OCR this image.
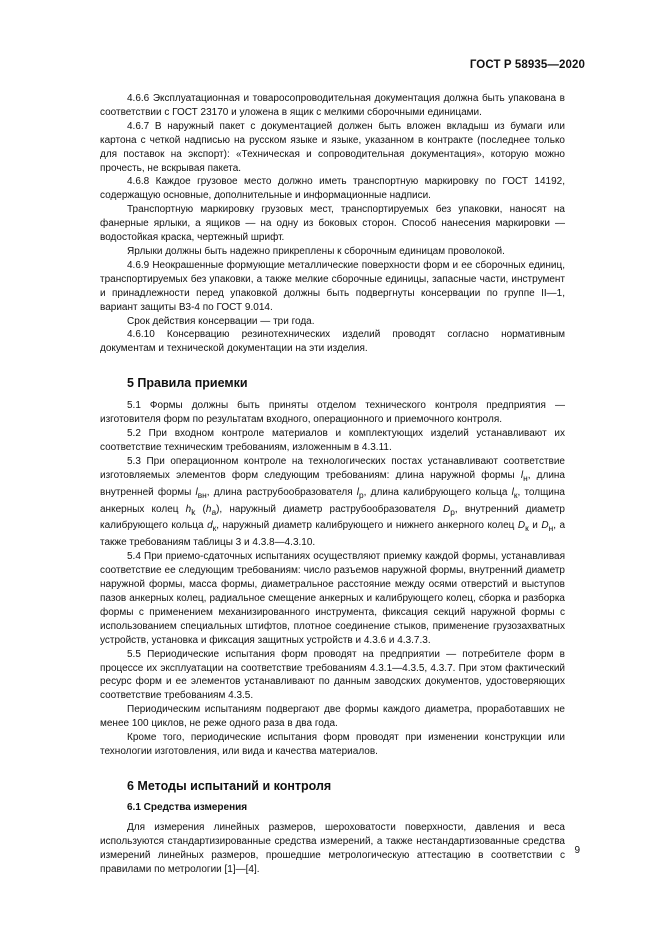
ГОСТ Р 58935—2020

4.6.6 Эксплуатационная и товаросопроводительная документация должна быть упакована в соответствии с ГОСТ 23170 и уложена в ящик с мелкими сборочными единицами.

4.6.7 В наружный пакет с документацией должен быть вложен вкладыш из бумаги или картона с четкой надписью на русском языке и языке, указанном в контракте (последнее только для поставок на экспорт): «Техническая и сопроводительная документация», которую можно прочесть, не вскрывая пакета.

4.6.8 Каждое грузовое место должно иметь транспортную маркировку по ГОСТ 14192, содержащую основные, дополнительные и информационные надписи.

Транспортную маркировку грузовых мест, транспортируемых без упаковки, наносят на фанерные ярлыки, а ящиков — на одну из боковых сторон. Способ нанесения маркировки — водостойкая краска, чертежный шрифт.

Ярлыки должны быть надежно прикреплены к сборочным единицам проволокой.

4.6.9 Неокрашенные формующие металлические поверхности форм и ее сборочных единиц, транспортируемых без упаковки, а также мелкие сборочные единицы, запасные части, инструмент и принадлежности перед упаковкой должны быть подвергнуты консервации по группе II—1, вариант защиты В3-4 по ГОСТ 9.014.

Срок действия консервации — три года.

4.6.10 Консервацию резинотехнических изделий проводят согласно нормативным документам и технической документации на эти изделия.

5 Правила приемки

5.1 Формы должны быть приняты отделом технического контроля предприятия — изготовителя форм по результатам входного, операционного и приемочного контроля.

5.2 При входном контроле материалов и комплектующих изделий устанавливают их соответствие техническим требованиям, изложенным в 4.3.11.

5.3 При операционном контроле на технологических постах устанавливают соответствие изготовляемых элементов форм следующим требованиям: длина наружной формы $l_н$, длина внутренней формы $l_{вн}$, длина раструбообразователя $l_p$, длина калибрующего кольца $l_к$, толщина анкерных колец $h_k$ $(h_a)$, наружный диаметр раструбообразователя $D_p$, внутренний диаметр калибрующего кольца $d_к$, наружный диаметр калибрующего и нижнего анкерного колец $D_к$ и $D_н$, а также требованиям таблицы 3 и 4.3.8—4.3.10.

5.4 При приемо-сдаточных испытаниях осуществляют приемку каждой формы, устанавливая соответствие ее следующим требованиям: число разъемов наружной формы, внутренний диаметр наружной формы, масса формы, диаметральное расстояние между осями отверстий и выступов пазов анкерных колец, радиальное смещение анкерных и калибрующего колец, сборка и разборка формы с применением механизированного инструмента, фиксация секций наружной формы с использованием специальных штифтов, плотное соединение стыков, применение грузозахватных устройств, установка и фиксация защитных устройств и 4.3.6 и 4.3.7.3.

5.5 Периодические испытания форм проводят на предприятии — потребителе форм в процессе их эксплуатации на соответствие требованиям 4.3.1—4.3.5, 4.3.7. При этом фактический ресурс форм и ее элементов устанавливают по данным заводских документов, удостоверяющих соответствие требованиям 4.3.5.

Периодическим испытаниям подвергают две формы каждого диаметра, проработавших не менее 100 циклов, не реже одного раза в два года.

Кроме того, периодические испытания форм проводят при изменении конструкции или технологии изготовления, или вида и качества материалов.

6 Методы испытаний и контроля
6.1 Средства измерения

Для измерения линейных размеров, шероховатости поверхности, давления и веса используются стандартизированные средства измерений, а также нестандартизованные средства измерений линейных размеров, прошедшие метрологическую аттестацию в соответствии с правилами по метрологии [1]—[4].

9
